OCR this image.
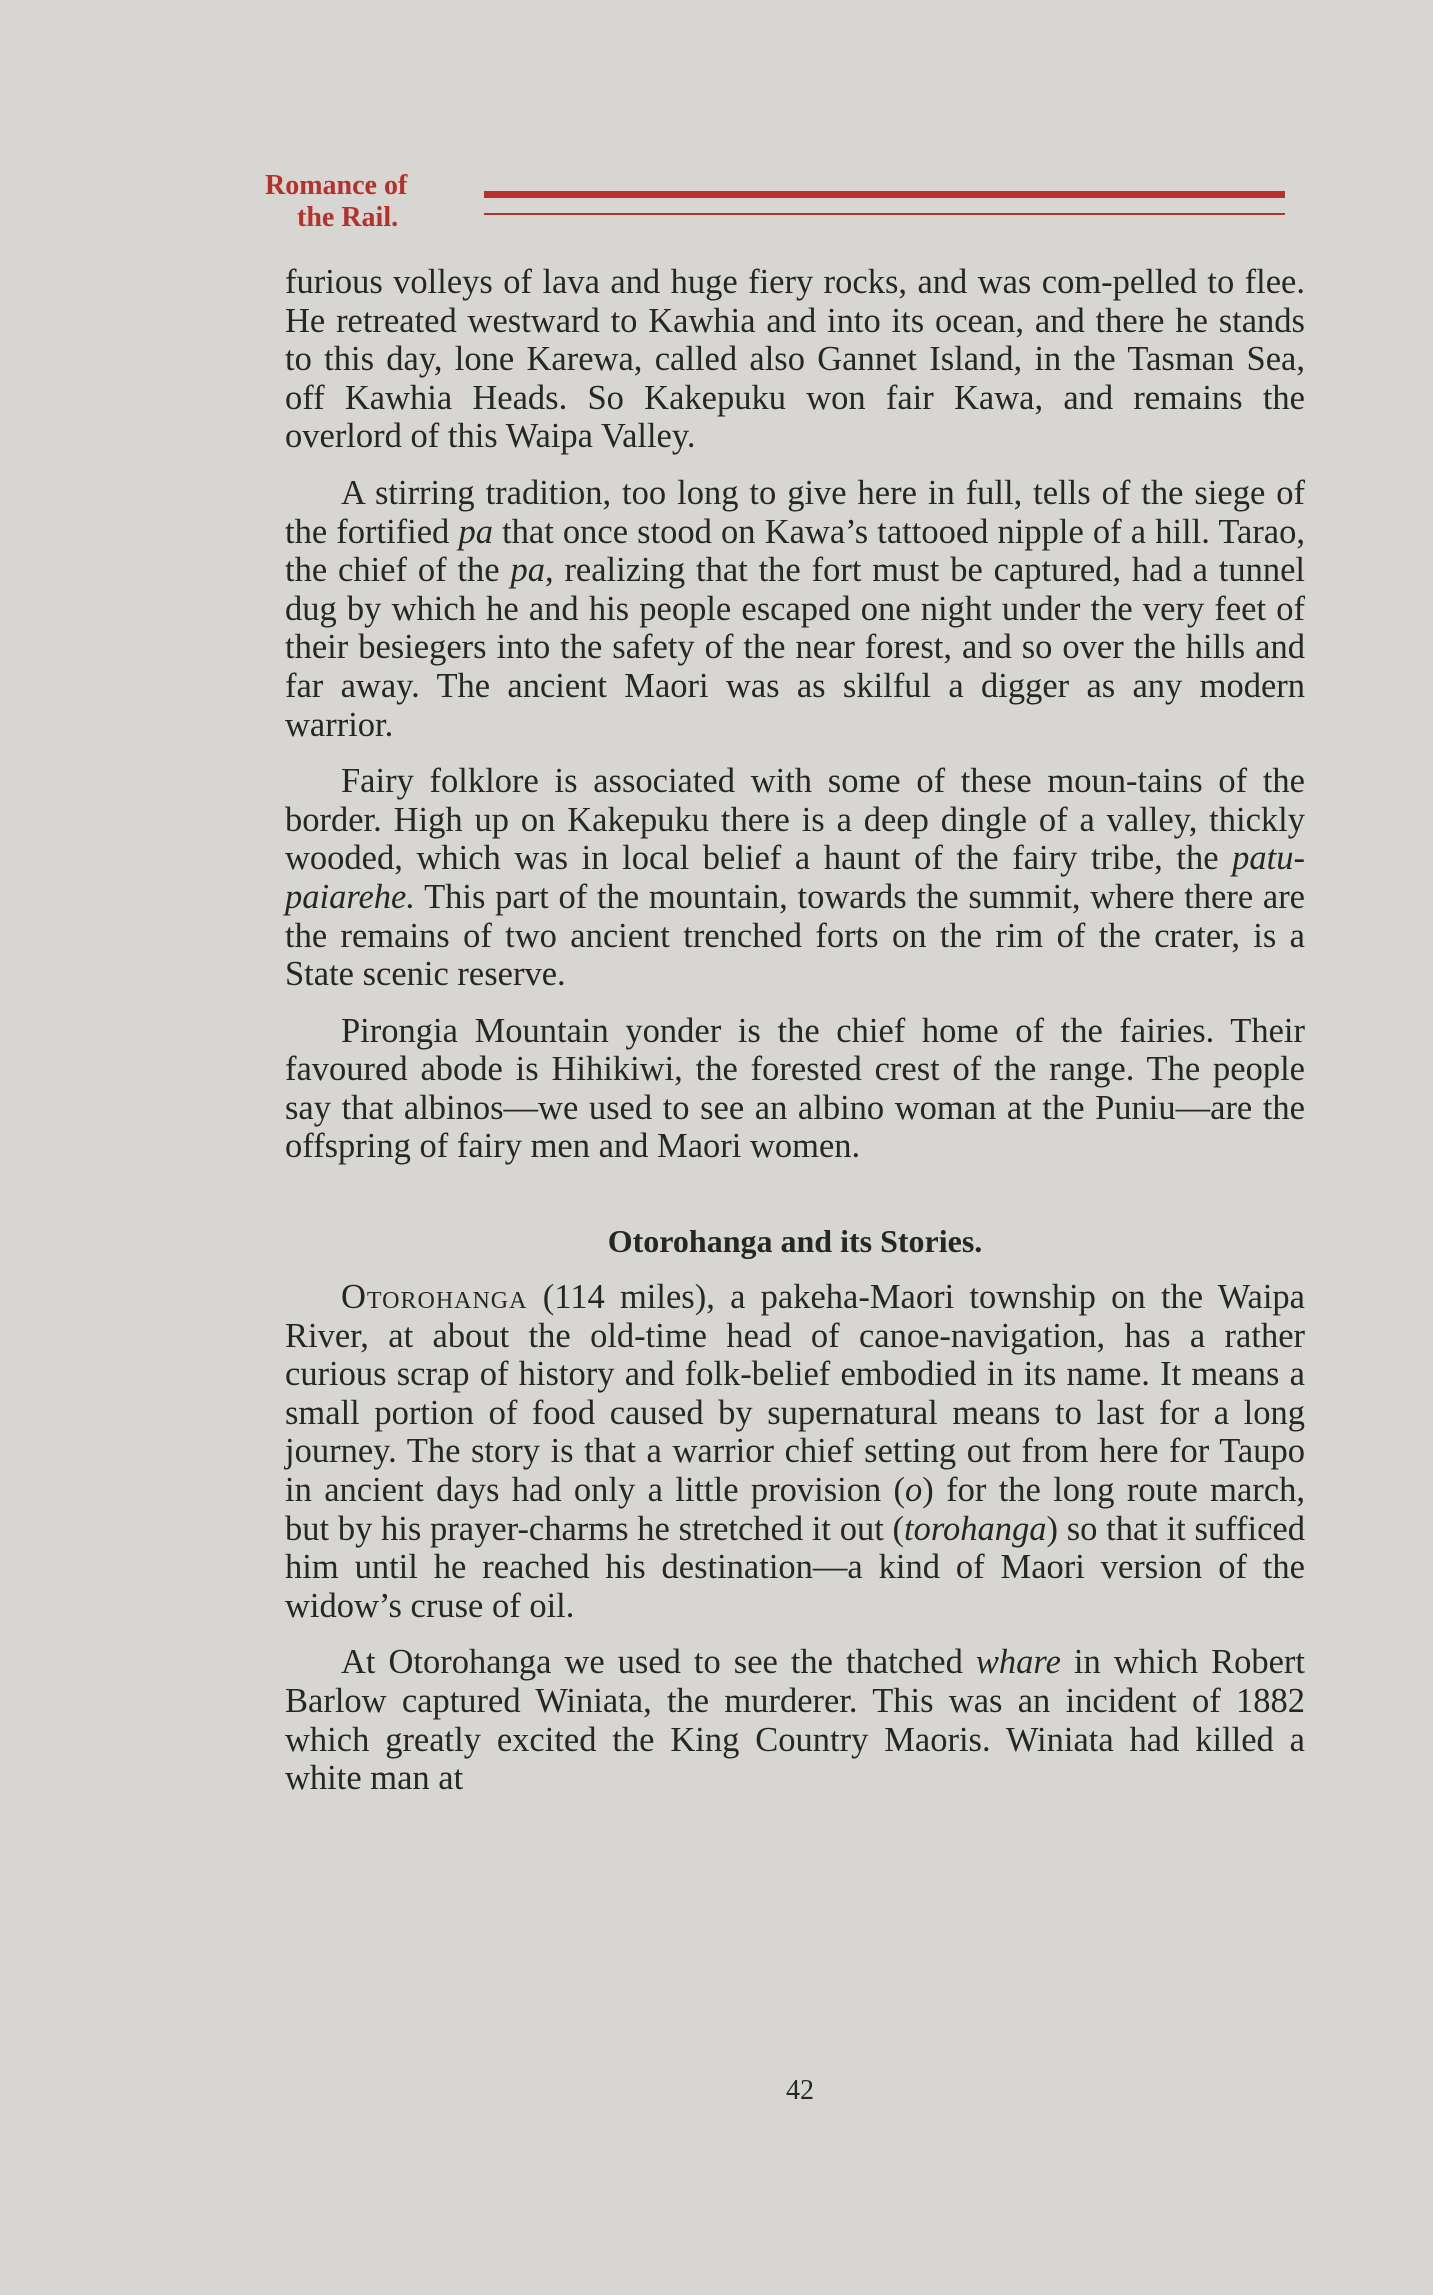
Romance of
the Rail.

furious volleys of lava and huge fiery rocks, and was com-pelled to flee. He retreated westward to Kawhia and into its ocean, and there he stands to this day, lone Karewa, called also Gannet Island, in the Tasman Sea, off Kawhia Heads. So Kakepuku won fair Kawa, and remains the overlord of this Waipa Valley.

A stirring tradition, too long to give here in full, tells of the siege of the fortified pa that once stood on Kawa’s tattooed nipple of a hill. Tarao, the chief of the pa, realizing that the fort must be captured, had a tunnel dug by which he and his people escaped one night under the very feet of their besiegers into the safety of the near forest, and so over the hills and far away. The ancient Maori was as skilful a digger as any modern warrior.

Fairy folklore is associated with some of these moun-tains of the border. High up on Kakepuku there is a deep dingle of a valley, thickly wooded, which was in local belief a haunt of the fairy tribe, the patu-paiarehe. This part of the mountain, towards the summit, where there are the remains of two ancient trenched forts on the rim of the crater, is a State scenic reserve.

Pirongia Mountain yonder is the chief home of the fairies. Their favoured abode is Hihikiwi, the forested crest of the range. The people say that albinos—we used to see an albino woman at the Puniu—are the offspring of fairy men and Maori women.

Otorohanga and its Stories.

Otorohanga (114 miles), a pakeha-Maori township on the Waipa River, at about the old-time head of canoe-navigation, has a rather curious scrap of history and folk-belief embodied in its name. It means a small portion of food caused by supernatural means to last for a long journey. The story is that a warrior chief setting out from here for Taupo in ancient days had only a little provision (o) for the long route march, but by his prayer-charms he stretched it out (torohanga) so that it sufficed him until he reached his destination—a kind of Maori version of the widow’s cruse of oil.

At Otorohanga we used to see the thatched whare in which Robert Barlow captured Winiata, the murderer. This was an incident of 1882 which greatly excited the King Country Maoris. Winiata had killed a white man at

42
